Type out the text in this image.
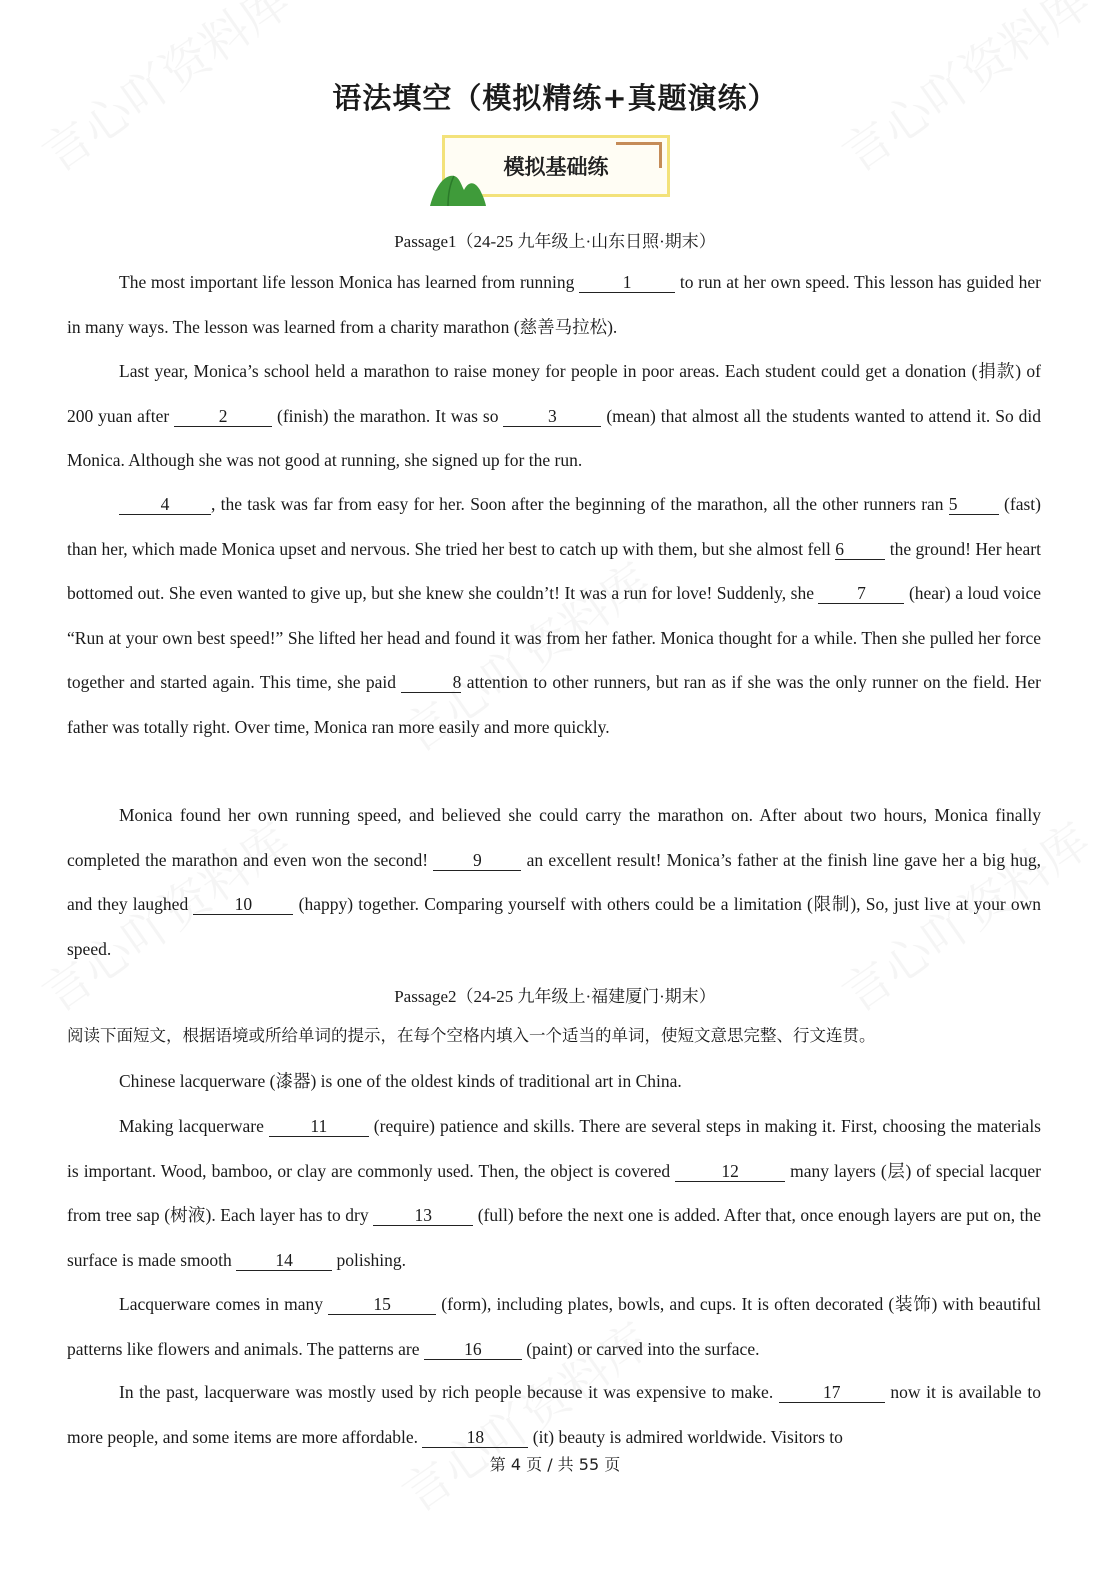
语法填空（模拟精练+真题演练）
模拟基础练
Passage1（24-25 九年级上·山东日照·期末）
The most important life lesson Monica has learned from running 1 to run at her own speed. This lesson has guided her in many ways. The lesson was learned from a charity marathon (慈善马拉松).
Last year, Monica’s school held a marathon to raise money for people in poor areas. Each student could get a donation (捐款) of 200 yuan after	2	(finish) the marathon. It was so	3	(mean) that almost all the students wanted to attend it. So did Monica. Although she was not good at running, she signed up for the run.
4 , the task was far from easy for her. Soon after the beginning of the marathon, all the other runners ran 5 (fast) than her, which made Monica upset and nervous. She tried her best to catch up with them, but she almost fell 6 the ground! Her heart bottomed out. She even wanted to give up, but she knew she couldn’t! It was a run for love! Suddenly, she 7 (hear) a loud voice “Run at your own best speed!” She lifted her head and found it was from her father. Monica thought for a while. Then she pulled her force together and started again. This time, she paid	8 attention to other runners, but ran as if she was the only runner on the field. Her father was totally right. Over time, Monica ran more easily and more quickly.
Monica found her own running speed, and believed she could carry the marathon on. After about two hours, Monica finally completed the marathon and even won the second! 9 an excellent result! Monica’s father at the finish line gave her a big hug, and they laughed 10 (happy) together. Comparing yourself with others could be a limitation (限制), So, just live at your own speed.
Passage2（24-25 九年级上·福建厦门·期末）
阅读下面短文，根据语境或所给单词的提示，在每个空格内填入一个适当的单词，使短文意思完整、行文连贯。
Chinese lacquerware (漆器) is one of the oldest kinds of traditional art in China.
Making lacquerware 11 (require) patience and skills. There are several steps in making it. First, choosing the materials is important. Wood, bamboo, or clay are commonly used. Then, the object is covered	12	many layers (层) of special lacquer from tree sap (树液). Each layer has to dry 13 (full) before the next one is added. After that, once enough layers are put on, the surface is made smooth 14 polishing.
Lacquerware comes in many	15	(form), including plates, bowls, and cups. It is often decorated (装饰) with beautiful patterns like flowers and animals. The patterns are 16 (paint) or carved into the surface.
In the past, lacquerware was mostly used by rich people because it was expensive to make.	17	now it is available to more people, and some items are more affordable.	18	(it) beauty is admired worldwide. Visitors to
第 4 页 / 共 55 页
